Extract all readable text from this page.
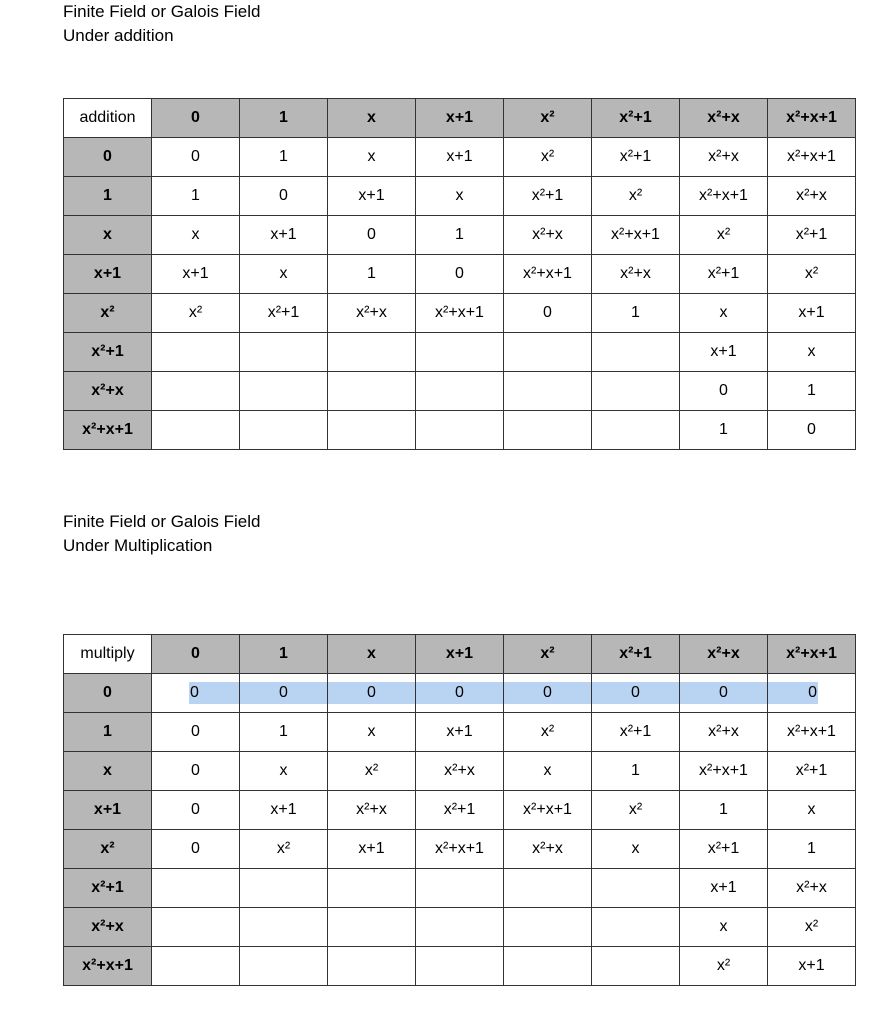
Finite Field or Galois Field
Under addition
addition	0	1	x	x+1	x²	x²+1	x²+x	x²+x+1
0	0	1	x	x+1	x²	x²+1	x²+x	x²+x+1
1	1	0	x+1	x	x²+1	x²	x²+x+1	x²+x
x	x	x+1	0	1	x²+x	x²+x+1	x²	x²+1
x+1	x+1	x	1	0	x²+x+1	x²+x	x²+1	x²
x²	x²	x²+1	x²+x	x²+x+1	0	1	x	x+1
x²+1							x+1	x
x²+x							0	1
x²+x+1							1	0
Finite Field or Galois Field
Under Multiplication
multiply	0	1	x	x+1	x²	x²+1	x²+x	x²+x+1
0	0	0	0	0	0	0	0	0

1	0	1	x	x+1	x²	x²+1	x²+x	x²+x+1
x	0	x	x²	x²+x	x	1	x²+x+1	x²+1
x+1	0	x+1	x²+x	x²+1	x²+x+1	x²	1	x
x²	0	x²	x+1	x²+x+1	x²+x	x	x²+1	1
x²+1							x+1	x²+x
x²+x							x	x²
x²+x+1							x²	x+1
